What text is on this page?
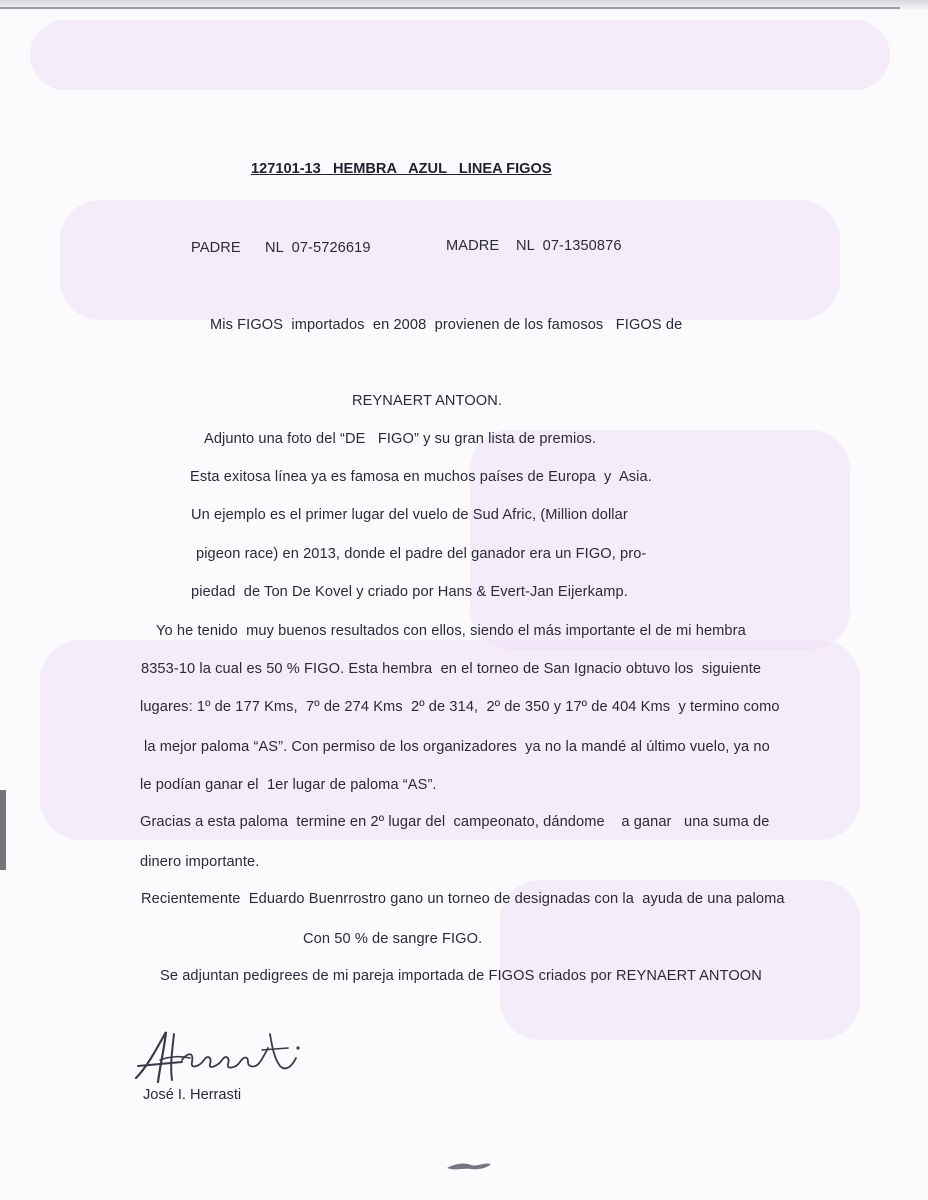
127101-13   HEMBRA   AZUL   LINEA FIGOS
PADRE NL  07-5726619	MADRE NL  07-1350876
Mis FIGOS  importados  en 2008  provienen de los famosos   FIGOS de
REYNAERT ANTOON.
Adjunto una foto del “DE   FIGO” y su gran lista de premios.
Esta exitosa línea ya es famosa en muchos países de Europa  y  Asia.
Un ejemplo es el primer lugar del vuelo de Sud Afric, (Million dollar
pigeon race) en 2013, donde el padre del ganador era un FIGO, pro-
piedad  de Ton De Kovel y criado por Hans & Evert-Jan Eijerkamp.
Yo he tenido  muy buenos resultados con ellos, siendo el más importante el de mi hembra
8353-10 la cual es 50 % FIGO. Esta hembra  en el torneo de San Ignacio obtuvo los  siguiente
lugares: 1º de 177 Kms,  7º de 274 Kms  2º de 314,  2º de 350 y 17º de 404 Kms  y termino como
la mejor paloma “AS”. Con permiso de los organizadores  ya no la mandé al último vuelo, ya no
le podían ganar el  1er lugar de paloma “AS”.
Gracias a esta paloma  termine en 2º lugar del  campeonato, dándome    a ganar   una suma de
dinero importante.
Recientemente  Eduardo Buenrrostro gano un torneo de designadas con la  ayuda de una paloma
Con 50 % de sangre FIGO.
Se adjuntan pedigrees de mi pareja importada de FIGOS criados por REYNAERT ANTOON
José I. Herrasti
